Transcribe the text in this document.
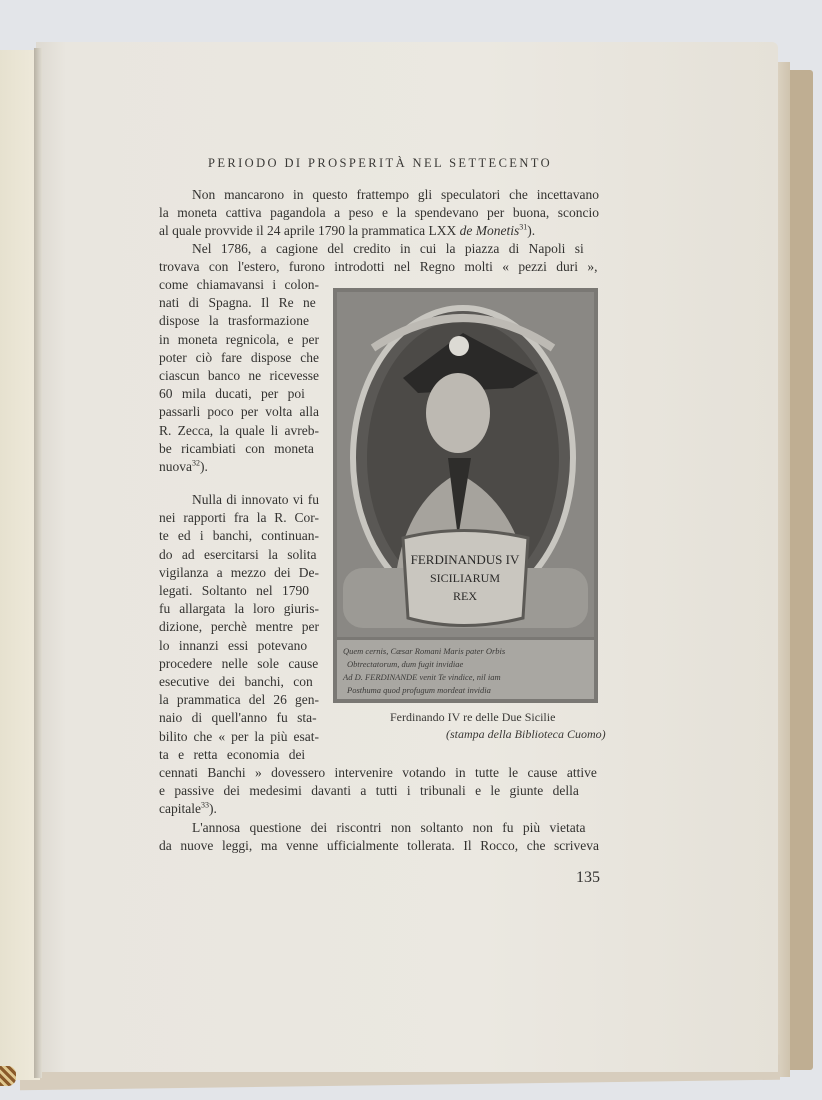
PERIODO DI PROSPERITÀ NEL SETTECENTO
Non mancarono in questo frattempo gli speculatori che incettavano
la moneta cattiva pagandola a peso e la spendevano per buona, sconcio
al quale provvide il 24 aprile 1790 la prammatica LXX de Monetis$^{31}$).
Nel 1786, a cagione del credito in cui la piazza di Napoli si
trovava con l'estero, furono introdotti nel Regno molti « pezzi duri »,
come chiamavansi i colon-
nati di Spagna. Il Re ne
dispose la trasformazione
in moneta regnicola, e per
poter ciò fare dispose che
ciascun banco ne ricevesse
60 mila ducati, per poi
passarli poco per volta alla
R. Zecca, la quale li avreb-
be ricambiati con moneta
nuova$^{32}$).
Nulla di innovato vi fu
nei rapporti fra la R. Cor-
te ed i banchi, continuan-
do ad esercitarsi la solita
vigilanza a mezzo dei De-
legati. Soltanto nel 1790
fu allargata la loro giuris-
dizione, perchè mentre per
lo innanzi essi potevano
procedere nelle sole cause
esecutive dei banchi, con
la prammatica del 26 gen-
naio di quell'anno fu sta-
bilito che « per la più esat-
ta e retta economia dei
cennati Banchi » dovessero intervenire votando in tutte le cause attive
e passive dei medesimi davanti a tutti i tribunali e le giunte della
capitale$^{33}$).
L'annosa questione dei riscontri non soltanto non fu più vietata
da nuove leggi, ma venne ufficialmente tollerata. Il Rocco, che scriveva
FERDINANDUS IV
SICILIARUM
REX
Quem cernis, Cæsar Romani Maris pater Orbis
Obtrectatorum, dum fugit invidiae
Ad D. FERDINANDE venit Te vindice, nil iam
Posthuma quod profugum mordeat invidia
Ferdinando IV re delle Due Sicilie
(stampa della Biblioteca Cuomo)
135
